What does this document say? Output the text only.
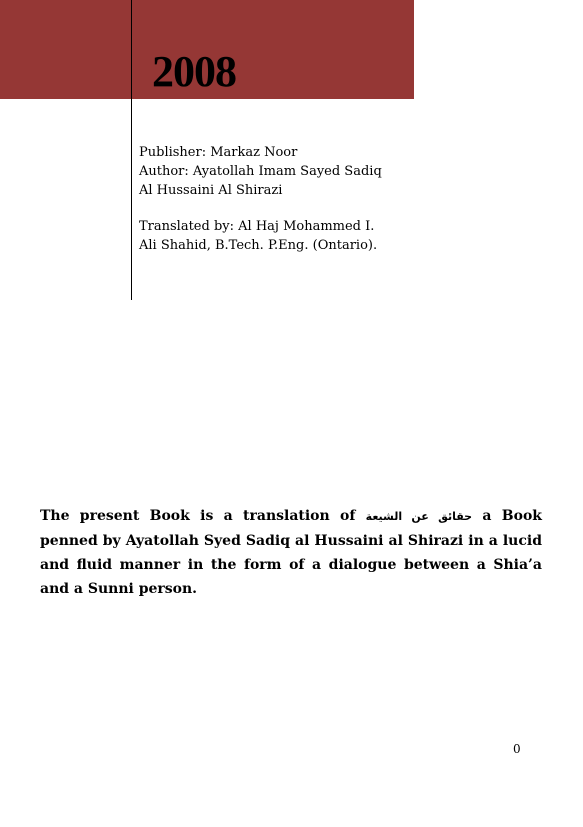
2008
Publisher: Markaz Noor
Author: Ayatollah Imam Sayed Sadiq
Al Hussaini Al Shirazi
Translated by: Al Haj Mohammed I.
Ali Shahid, B.Tech. P.Eng. (Ontario).

The present Book is a translation of حقائق عن الشيعة a Book penned by Ayatollah Syed Sadiq al Hussaini al Shirazi in a lucid and fluid manner in the form of a dialogue between a Shia’a and a Sunni person.

0
